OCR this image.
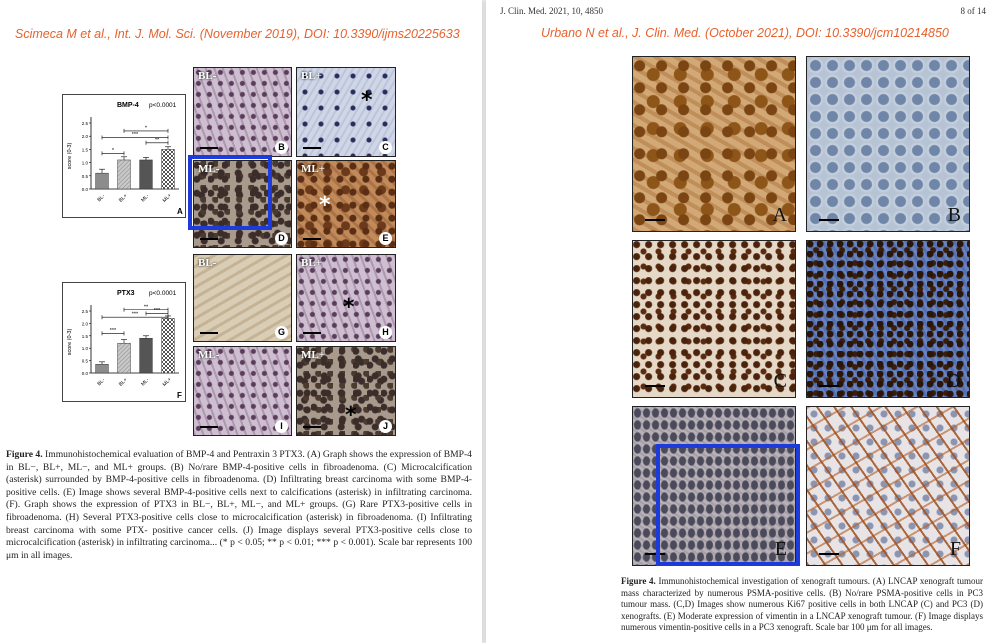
Scimeca M et al., Int. J. Mol. Sci. (November 2019), DOI: 10.3390/ijms20225633
BMP-4 p<0.0001
0.0
0.5
1.0
1.5
2.0
2.5
score (0-3)
BL- BL+ ML- ML+
*
*
***
**
A
PTX3 p<0.0001
0.0
0.5
1.0
1.5
2.0
2.5
score (0-3)
BL- BL+ ML- ML+
***
**
***
***
F
BL-
B
BL+
*
C
ML-
D
ML+
*
E
BL-
G
BL+
*
H
ML-
I
ML+
*	J
Figure 4. Immunohistochemical evaluation of BMP-4 and Pentraxin 3 PTX3. (A) Graph shows the expression of BMP-4 in BL−, BL+, ML−, and ML+ groups. (B) No/rare BMP-4-positive cells in fibroadenoma. (C) Microcalcification (asterisk) surrounded by BMP-4-positive cells in fibroadenoma. (D) Infiltrating breast carcinoma with some BMP-4-positive cells. (E) Image shows several BMP-4-positive cells next to calcifications (asterisk) in infiltrating carcinoma. (F). Graph shows the expression of PTX3 in BL−, BL+, ML−, and ML+ groups. (G) Rare PTX3-positive cells in fibroadenoma. (H) Several PTX3-positive cells close to microcalcification (asterisk) in fibroadenoma. (I) Infiltrating breast carcinoma with some PTX- positive cancer cells. (J) Image displays several PTX3-positive cells close to microcalcification (asterisk) in infiltrating carcinoma... (* p < 0.05; ** p < 0.01; *** p < 0.001). Scale bar represents 100 μm in all images.
J. Clin. Med. 2021, 10, 4850	8 of 14
Urbano N et al., J. Clin. Med. (October 2021), DOI: 10.3390/jcm10214850
A	B
C	D
E	F
Figure 4. Immunohistochemical investigation of xenograft tumours. (A) LNCAP xenograft tumour mass characterized by numerous PSMA-positive cells. (B) No/rare PSMA-positive cells in PC3 tumour mass. (C,D) Images show numerous Ki67 positive cells in both LNCAP (C) and PC3 (D) xenografts. (E) Moderate expression of vimentin in a LNCAP xenograft tumour. (F) Image displays numerous vimentin-positive cells in a PC3 xenograft. Scale bar 100 μm for all images.
